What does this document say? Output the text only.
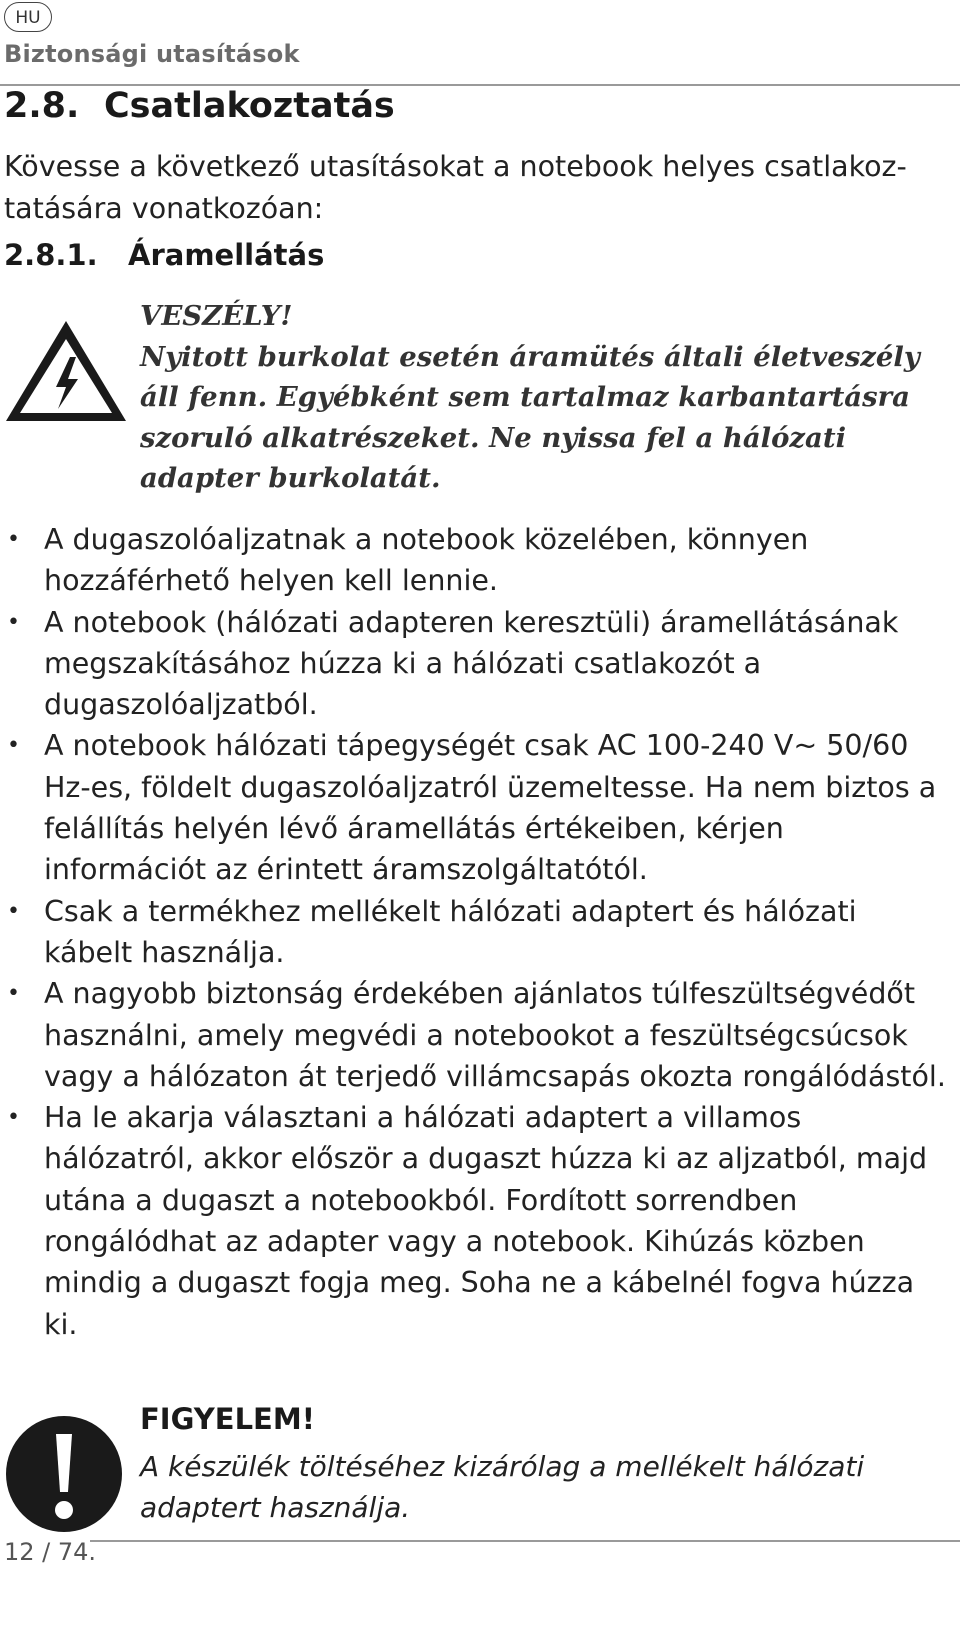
HU
Biztonsági utasítások
2.8. Csatlakoztatás
Kövesse a következő utasításokat a notebook helyes csatlakoz-tatására vonatkozóan:
2.8.1. Áramellátás
VESZÉLY!
Nyitott burkolat esetén áramütés általi életveszély áll fenn. Egyébként sem tartalmaz karbantartásra szoruló alkatrészeket. Ne nyissa fel a hálózati adapter burkolatát.
• A dugaszolóaljzatnak a notebook közelében, könnyen hozzáférhető helyen kell lennie.
• A notebook (hálózati adapteren keresztüli) áramellátásának megszakításához húzza ki a hálózati csatlakozót a dugaszolóaljzatból.
• A notebook hálózati tápegységét csak AC 100-240 V~ 50/60 Hz-es, földelt dugaszolóaljzatról üzemeltesse. Ha nem biztos a felállítás helyén lévő áramellátás értékeiben, kérjen információt az érintett áramszolgáltatótól.
• Csak a termékhez mellékelt hálózati adaptert és hálózati kábelt használja.
• A nagyobb biztonság érdekében ajánlatos túlfeszültségvédőt használni, amely megvédi a notebookot a feszültségcsúcsok vagy a hálózaton át terjedő villámcsapás okozta rongálódástól.
• Ha le akarja választani a hálózati adaptert a villamos hálózatról, akkor először a dugaszt húzza ki az aljzatból, majd utána a dugaszt a notebookból. Fordított sorrendben rongálódhat az adapter vagy a notebook. Kihúzás közben mindig a dugaszt fogja meg. Soha ne a kábelnél fogva húzza ki.
FIGYELEM!
A készülék töltéséhez kizárólag a mellékelt hálózati adaptert használja.
12 / 74.
